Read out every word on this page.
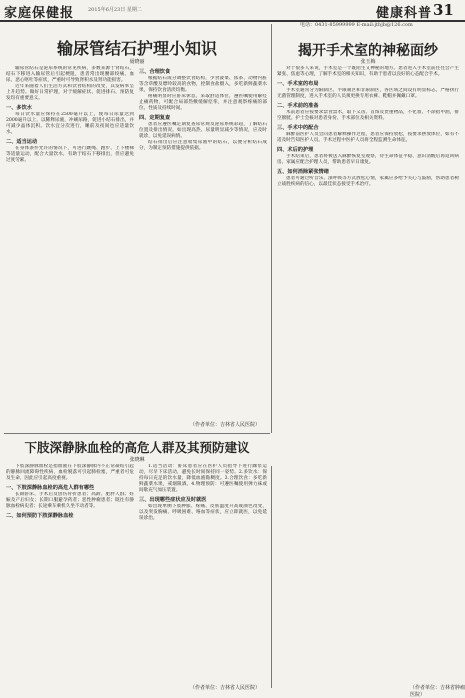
家庭保健报	2015年6月23日 星期二	健康科普 31
电话：0431-85999999 E-mail:jtbjb@126.com
输尿管结石护理小知识
聂晓丽

输尿管结石是泌尿系统的常见疾病，多数来源于肾结石，结石下移进入输尿管后引起梗阻，患者常出现腰部绞痛、血尿、恶心呕吐等症状，严重时可导致肾积水及肾功能损害。

近年来随着人们生活方式和饮食结构的改变，其发病率呈上升趋势。做好日常护理，对于缓解症状、促进排石、预防复发均有重要意义。

一、多饮水

每日饮水量应保持在2500毫升以上，使每日尿量达到2000毫升以上，以稀释尿液，冲刷尿路，促进小结石排出，并可减少晶体沉积。饮水宜分次进行，睡前及夜间也应适量饮水。

二、适当运动

在身体条件允许的情况下，可进行跳绳、跑步、上下楼梯等适量运动，配合大量饮水，有助于结石下移排出，但应避免过度劳累。

三、合理饮食

根据结石成分调整饮食结构，少食菠菜、浓茶、动物内脏等含草酸及嘌呤较高的食物，控制食盐摄入，多吃新鲜蔬菜水果，保持饮食清淡均衡。

疼痛明显时应卧床休息，采取舒适体位，遵医嘱使用解痉止痛药物，可配合局部热敷缓解痉挛，并注意观察疼痛的部位、性质及持续时间。

四、定期复查

患者应遵医嘱定期复查尿常规及泌尿系统彩超，了解结石位置及排出情况。如出现高热、尿量明显减少等情况，应及时就诊，以免延误病情。

结石排出后应注意收集尿液中的结石，以便分析结石成分，为制定预防措施提供依据。

（作者单位：吉林省人民医院）
揭开手术室的神秘面纱
张玉梅

对于很多人来说，手术室是一个既陌生又神秘的地方。患者进入手术室前往往会产生紧张、焦虑等心理，了解手术室的相关知识，有助于患者以良好的心态配合手术。

一、手术室的布局

手术室通常分为限制区、半限制区和非限制区，各区域之间设有明显标志，严格执行无菌管理制度，进入手术室的人员须更换专用衣裤、鞋帽并佩戴口罩。

二、手术前的准备

术前患者应按要求禁食禁水，取下义齿、首饰及贵重物品，不化妆、不涂指甲油，排空膀胱。护士会核对患者身份、手术部位及相关资料。

三、手术中的配合

麻醉前医护人员会向患者解释操作过程，患者应保持放松，按要求摆放体位，如有不适及时告知医护人员。手术过程中医护人员将全程监测生命体征。

四、术后的护理

手术结束后，患者将被送入麻醉恢复室观察，待生命体征平稳、意识清醒后再返回病房。家属应配合护理人员，帮助患者早日康复。

五、如何消除紧张情绪

患者可通过听音乐、深呼吸等方式放松心情，家属应多给予关心与鼓励，帮助患者树立战胜疾病的信心，以最佳状态接受手术治疗。

（作者单位：吉林省肿瘤医院）
下肢深静脉血栓的高危人群及其预防建议
张晓琳

下肢深静脉血栓是指血液在下肢深静脉内不正常凝结引起的静脉回流障碍性疾病，血栓脱落可引起肺栓塞，严重者可危及生命，因此应引起高度重视。

一、下肢深静脉血栓的高危人群有哪些

长期卧床、手术后及创伤骨折患者；高龄、肥胖人群；妊娠及产后妇女；长期口服避孕药者；恶性肿瘤患者；既往有静脉血栓病史者；长途乘车乘机久坐不动者等。

二、如何预防下肢深静脉血栓

1.适当活动：卧床患者应在医护人员指导下进行踝泵运动，尽早下床活动，避免长时间保持同一姿势。2.多饮水：保持每日充足的饮水量，降低血液黏稠度。3.合理饮食：多吃新鲜蔬菜水果，戒烟限酒。4.物理预防：可遵医嘱使用弹力袜或间歇充气加压装置。

三、出现哪些症状应及时就医

如出现单侧下肢肿胀、疼痛、皮肤温度升高或颜色改变，以及突发胸痛、呼吸困难、咯血等症状，应立即就医，以免延误诊治。

（作者单位：吉林省人民医院）
